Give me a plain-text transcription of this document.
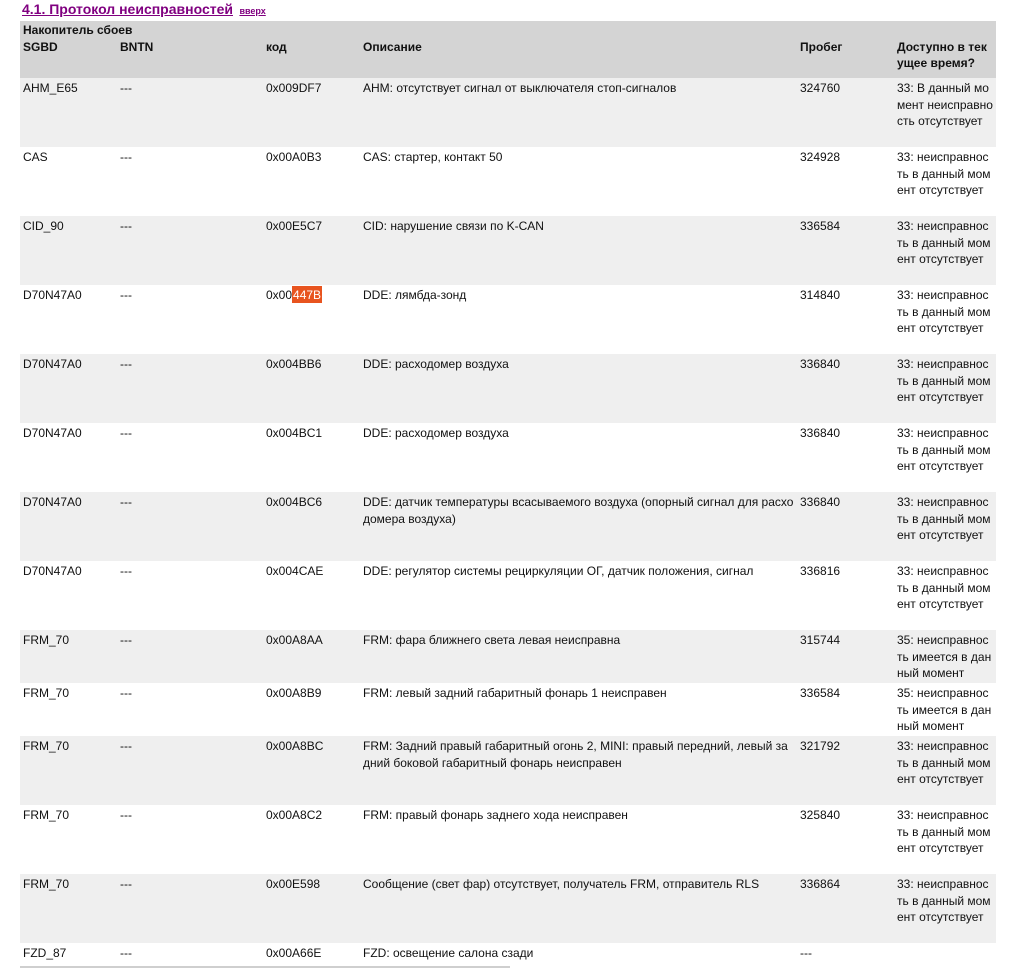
4.1. Протокол неисправностей вверх
Накопитель сбоев					
SGBD	BNTN	код	Описание	Пробег	Доступно в текущее время?
AHM_E65	---	0x009DF7	AHM: отсутствует сигнал от выключателя стоп-сигналов	324760	33: В данный момент неисправность отсутствует
CAS	---	0x00A0B3	CAS: стартер, контакт 50	324928	33: неисправность в данный момент отсутствует
CID_90	---	0x00E5C7	CID: нарушение связи по K-CAN	336584	33: неисправность в данный момент отсутствует
D70N47A0	---	0x00447B	DDE: лямбда-зонд	314840	33: неисправность в данный момент отсутствует
D70N47A0	---	0x004BB6	DDE: расходомер воздуха	336840	33: неисправность в данный момент отсутствует
D70N47A0	---	0x004BC1	DDE: расходомер воздуха	336840	33: неисправность в данный момент отсутствует
D70N47A0	---	0x004BC6	DDE: датчик температуры всасываемого воздуха (опорный сигнал для расходомера воздуха)	336840	33: неисправность в данный момент отсутствует
D70N47A0	---	0x004CAE	DDE: регулятор системы рециркуляции ОГ, датчик положения, сигнал	336816	33: неисправность в данный момент отсутствует
FRM_70	---	0x00A8AA	FRM: фара ближнего света левая неисправна	315744	35: неисправность имеется в данный момент
FRM_70	---	0x00A8B9	FRM: левый задний габаритный фонарь 1 неисправен	336584	35: неисправность имеется в данный момент
FRM_70	---	0x00A8BC	FRM: Задний правый габаритный огонь 2, MINI: правый передний, левый задний боковой габаритный фонарь неисправен	321792	33: неисправность в данный момент отсутствует
FRM_70	---	0x00A8C2	FRM: правый фонарь заднего хода неисправен	325840	33: неисправность в данный момент отсутствует
FRM_70	---	0x00E598	Сообщение (свет фар) отсутствует, получатель FRM, отправитель RLS	336864	33: неисправность в данный момент отсутствует
FZD_87	---	0x00A66E	FZD: освещение салона сзади	---	
